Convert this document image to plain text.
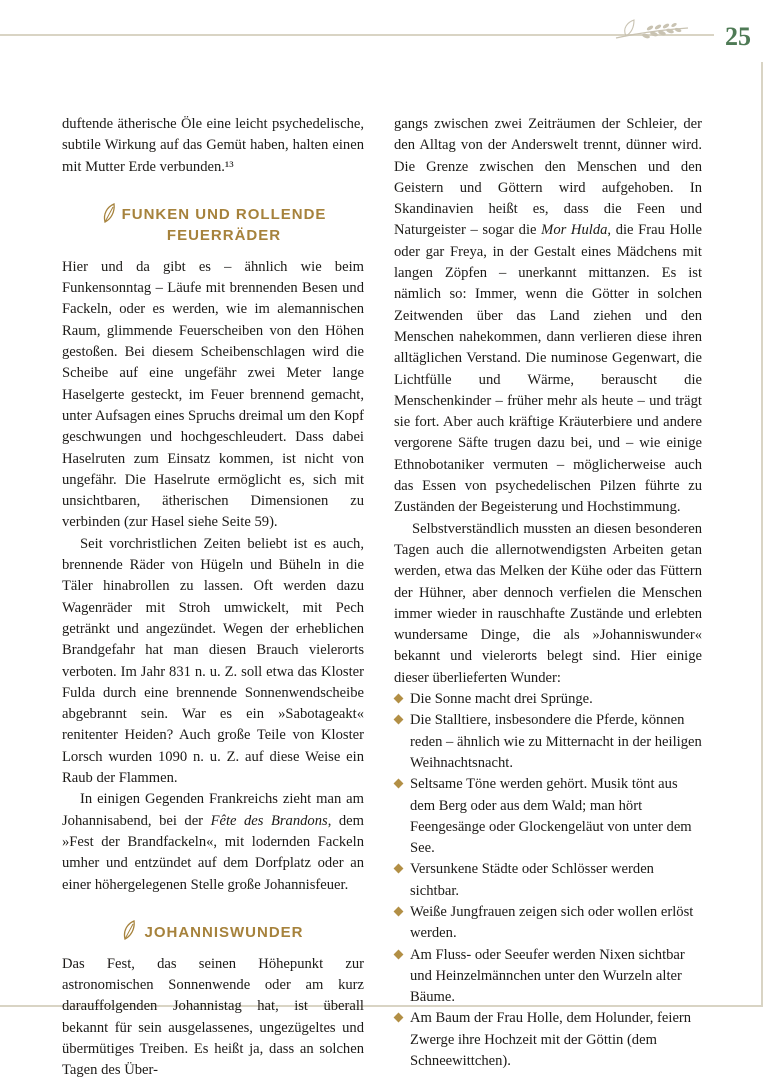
25

duftende ätherische Öle eine leicht psychedelische, subtile Wirkung auf das Gemüt haben, halten einen mit Mutter Erde verbunden.¹³

FUNKEN UND ROLLENDE
FEUERRÄDER

Hier und da gibt es – ähnlich wie beim Funkensonntag – Läufe mit brennenden Besen und Fackeln, oder es werden, wie im alemannischen Raum, glimmende Feuerscheiben von den Höhen gestoßen. Bei diesem Scheibenschlagen wird die Scheibe auf eine ungefähr zwei Meter lange Haselgerte gesteckt, im Feuer brennend gemacht, unter Aufsagen eines Spruchs dreimal um den Kopf geschwungen und hochgeschleudert. Dass dabei Haselruten zum Einsatz kommen, ist nicht von ungefähr. Die Haselrute ermöglicht es, sich mit unsichtbaren, ätherischen Dimensionen zu verbinden (zur Hasel siehe Seite 59).

Seit vorchristlichen Zeiten beliebt ist es auch, brennende Räder von Hügeln und Büheln in die Täler hinabrollen zu lassen. Oft werden dazu Wagenräder mit Stroh umwickelt, mit Pech getränkt und angezündet. Wegen der erheblichen Brandgefahr hat man diesen Brauch vielerorts verboten. Im Jahr 831 n. u. Z. soll etwa das Kloster Fulda durch eine brennende Sonnenwendscheibe abgebrannt sein. War es ein »Sabotageakt« renitenter Heiden? Auch große Teile von Kloster Lorsch wurden 1090 n. u. Z. auf diese Weise ein Raub der Flammen.

In einigen Gegenden Frankreichs zieht man am Johannisabend, bei der Fête des Brandons, dem »Fest der Brandfackeln«, mit lodernden Fackeln umher und entzündet auf dem Dorfplatz oder an einer höhergelegenen Stelle große Johannisfeuer.

JOHANNISWUNDER

Das Fest, das seinen Höhepunkt zur astronomischen Sonnenwende oder am kurz darauffolgenden Johannistag hat, ist überall bekannt für sein ausgelassenes, ungezügeltes und übermütiges Treiben. Es heißt ja, dass an solchen Tagen des Über-

gangs zwischen zwei Zeiträumen der Schleier, der den Alltag von der Anderswelt trennt, dünner wird. Die Grenze zwischen den Menschen und den Geistern und Göttern wird aufgehoben. In Skandinavien heißt es, dass die Feen und Naturgeister – sogar die Mor Hulda, die Frau Holle oder gar Freya, in der Gestalt eines Mädchens mit langen Zöpfen – unerkannt mittanzen. Es ist nämlich so: Immer, wenn die Götter in solchen Zeitwenden über das Land ziehen und den Menschen nahekommen, dann verlieren diese ihren alltäglichen Verstand. Die numinose Gegenwart, die Lichtfülle und Wärme, berauscht die Menschenkinder – früher mehr als heute – und trägt sie fort. Aber auch kräftige Kräuterbiere und andere vergorene Säfte trugen dazu bei, und – wie einige Ethnobotaniker vermuten – möglicherweise auch das Essen von psychedelischen Pilzen führte zu Zuständen der Begeisterung und Hochstimmung.

Selbstverständlich mussten an diesen besonderen Tagen auch die allernotwendigsten Arbeiten getan werden, etwa das Melken der Kühe oder das Füttern der Hühner, aber dennoch verfielen die Menschen immer wieder in rauschhafte Zustände und erlebten wundersame Dinge, die als »Johanniswunder« bekannt und vielerorts belegt sind. Hier einige dieser überlieferten Wunder:

Die Sonne macht drei Sprünge.
Die Stalltiere, insbesondere die Pferde, können reden – ähnlich wie zu Mitternacht in der heiligen Weihnachtsnacht.
Seltsame Töne werden gehört. Musik tönt aus dem Berg oder aus dem Wald; man hört Feengesänge oder Glockengeläut von unter dem See.
Versunkene Städte oder Schlösser werden sichtbar.
Weiße Jungfrauen zeigen sich oder wollen erlöst werden.
Am Fluss- oder Seeufer werden Nixen sichtbar und Heinzelmännchen unter den Wurzeln alter Bäume.
Am Baum der Frau Holle, dem Holunder, feiern Zwerge ihre Hochzeit mit der Göttin (dem Schneewittchen).
